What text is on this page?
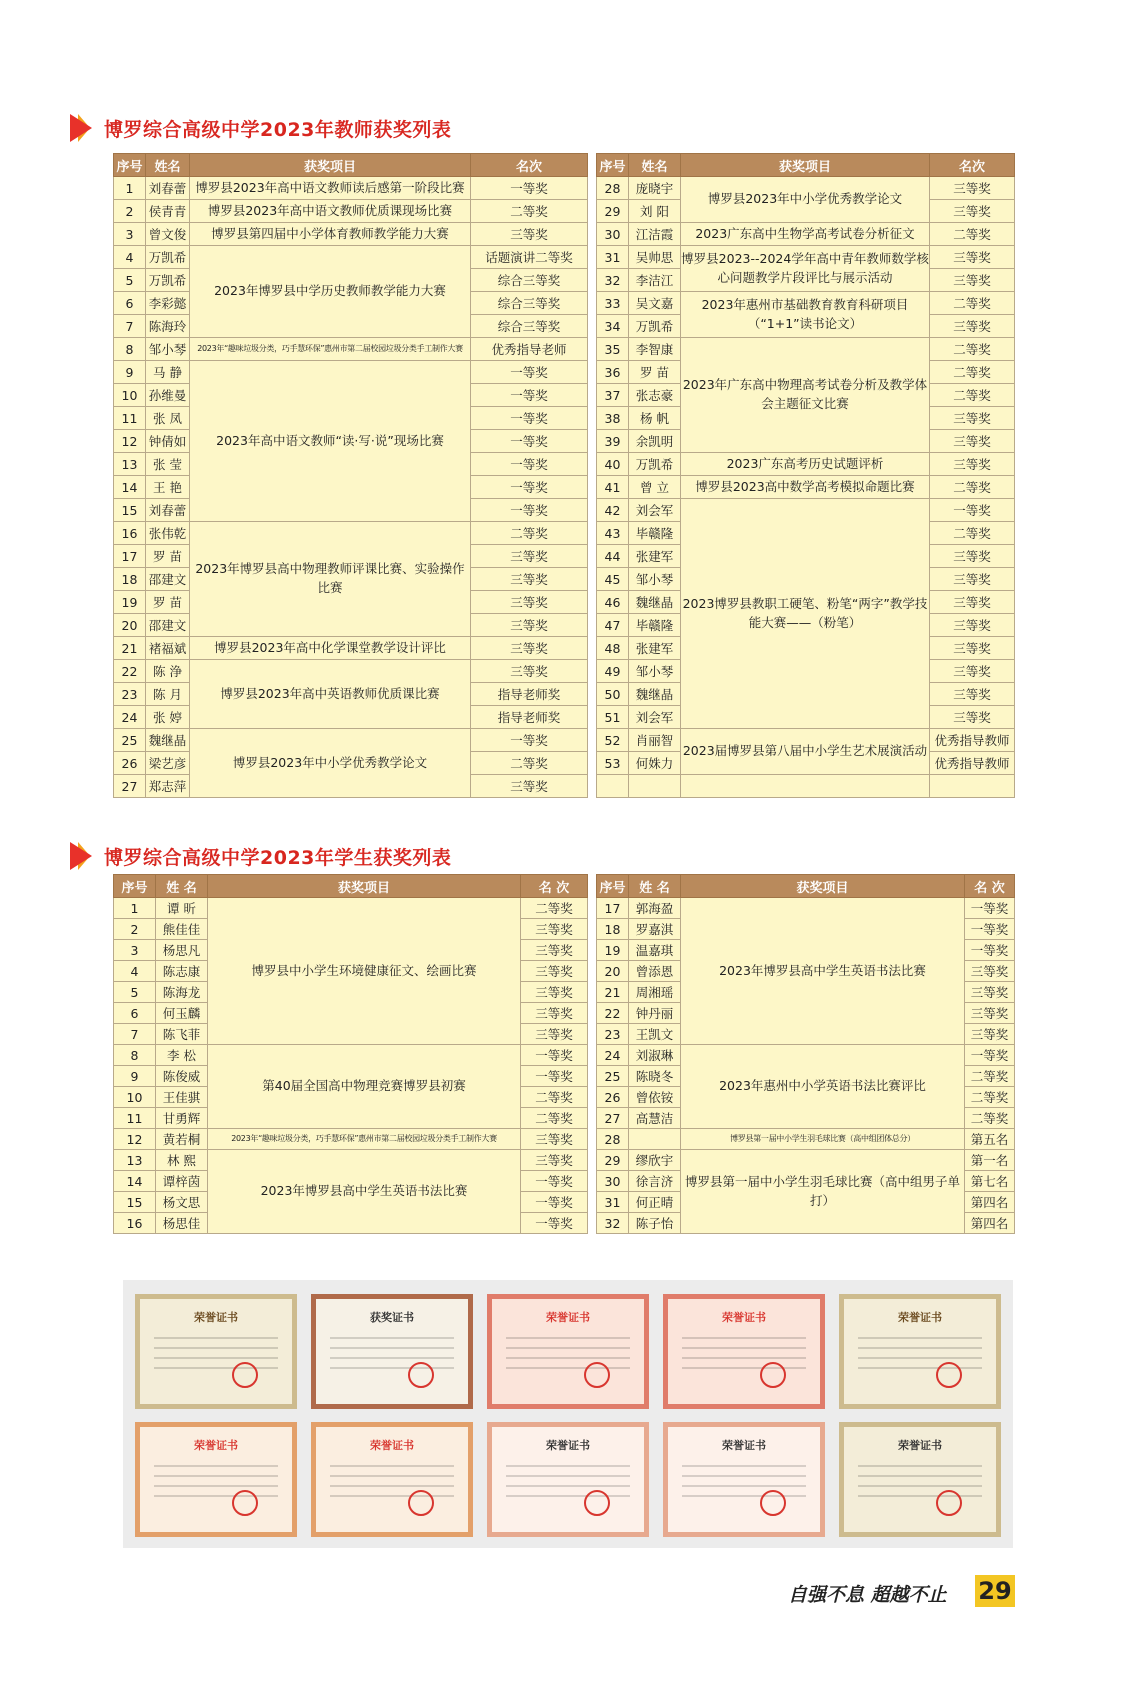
博罗综合高级中学2023年教师获奖列表
序号	姓名	获奖项目	名次
1	刘春蕾	博罗县2023年高中语文教师读后感第一阶段比赛	一等奖
2	侯青青	博罗县2023年高中语文教师优质课现场比赛	二等奖
3	曾文俊	博罗县第四届中小学体育教师教学能力大赛	三等奖
4	万凯希	2023年博罗县中学历史教师教学能力大赛	话题演讲二等奖
5	万凯希		综合三等奖
6	李彩懿		综合三等奖
7	陈海玲		综合三等奖
8	邹小琴	2023年“趣味垃圾分类，巧手慧环保”惠州市第二届校园垃圾分类手工制作大赛	优秀指导老师
9	马 静	2023年高中语文教师“读·写·说”现场比赛	一等奖
10	孙维曼		一等奖
11	张 凤		一等奖
12	钟倩如		一等奖
13	张 莹		一等奖
14	王 艳		一等奖
15	刘春蕾		一等奖
16	张伟乾	2023年博罗县高中物理教师评课比赛、实验操作比赛	二等奖
17	罗 苗		三等奖
18	邵建文		三等奖
19	罗 苗		三等奖
20	邵建文		三等奖
21	褚福斌	博罗县2023年高中化学课堂教学设计评比	三等奖
22	陈 浄	博罗县2023年高中英语教师优质课比赛	三等奖
23	陈 月		指导老师奖
24	张 婷		指导老师奖
25	魏继晶	博罗县2023年中小学优秀教学论文	一等奖
26	梁艺彦		二等奖
27	郑志萍		三等奖
序号	姓名	获奖项目	名次
28	庞晓宇	博罗县2023年中小学优秀教学论文	三等奖
29	刘 阳		三等奖
30	江洁霞	2023广东高中生物学高考试卷分析征文	二等奖
31	吴帅思	博罗县2023--2024学年高中青年教师数学核心问题教学片段评比与展示活动	三等奖
32	李洁江		三等奖
33	吴文嘉	2023年惠州市基础教育教育科研项目（“1+1”读书论文）	二等奖
34	万凯希		三等奖
35	李智康	2023年广东高中物理高考试卷分析及教学体会主题征文比赛	二等奖
36	罗 苗		二等奖
37	张志豪		二等奖
38	杨 帆		三等奖
39	余凯明		三等奖
40	万凯希	2023广东高考历史试题评析	三等奖
41	曾 立	博罗县2023高中数学高考模拟命题比赛	二等奖
42	刘会军	2023博罗县教职工硬笔、粉笔“两字”教学技能大赛——（粉笔）	一等奖
43	毕赣隆		二等奖
44	张建军		三等奖
45	邹小琴		三等奖
46	魏继晶		三等奖
47	毕赣隆		三等奖
48	张建军		三等奖
49	邹小琴		三等奖
50	魏继晶		三等奖
51	刘会军		三等奖
52	肖丽智	2023届博罗县第八届中小学生艺术展演活动	优秀指导教师
53	何姝力		优秀指导教师

博罗综合高级中学2023年学生获奖列表
序号	姓 名	获奖项目	名 次
1	谭 昕	博罗县中小学生环境健康征文、绘画比赛	二等奖
2	熊佳佳		三等奖
3	杨思凡		三等奖
4	陈志康		三等奖
5	陈海龙		三等奖
6	何玉麟		三等奖
7	陈飞菲		三等奖
8	李 松	第40届全国高中物理竞赛博罗县初赛	一等奖
9	陈俊威		一等奖
10	王佳骐		二等奖
11	甘勇辉		二等奖
12	黄若桐	2023年“趣味垃圾分类，巧手慧环保”惠州市第二届校园垃圾分类手工制作大赛	三等奖
13	林 熙	2023年博罗县高中学生英语书法比赛	三等奖
14	谭梓茵		一等奖
15	杨文思		一等奖
16	杨思佳		一等奖
序号	姓 名	获奖项目	名 次
17	郭海盈	2023年博罗县高中学生英语书法比赛	一等奖
18	罗嘉淇		一等奖
19	温嘉琪		一等奖
20	曾添恩		三等奖
21	周湘瑶		三等奖
22	钟丹丽		三等奖
23	王凯文		三等奖
24	刘淑琳	2023年惠州中小学英语书法比赛评比	一等奖
25	陈晓冬		二等奖
26	曾依铵		二等奖
27	高慧洁		二等奖
28		博罗县第一届中小学生羽毛球比赛（高中组团体总分）	第五名
29	缪欣宇	博罗县第一届中小学生羽毛球比赛（高中组男子单打）	第一名
30	徐言济		第七名
31	何正晴		第四名
32	陈子怡		第四名
荣誉证书	获奖证书	荣誉证书	荣誉证书	荣誉证书
荣誉证书	荣誉证书	荣誉证书	荣誉证书	荣誉证书
自强不息 超越不止 29
